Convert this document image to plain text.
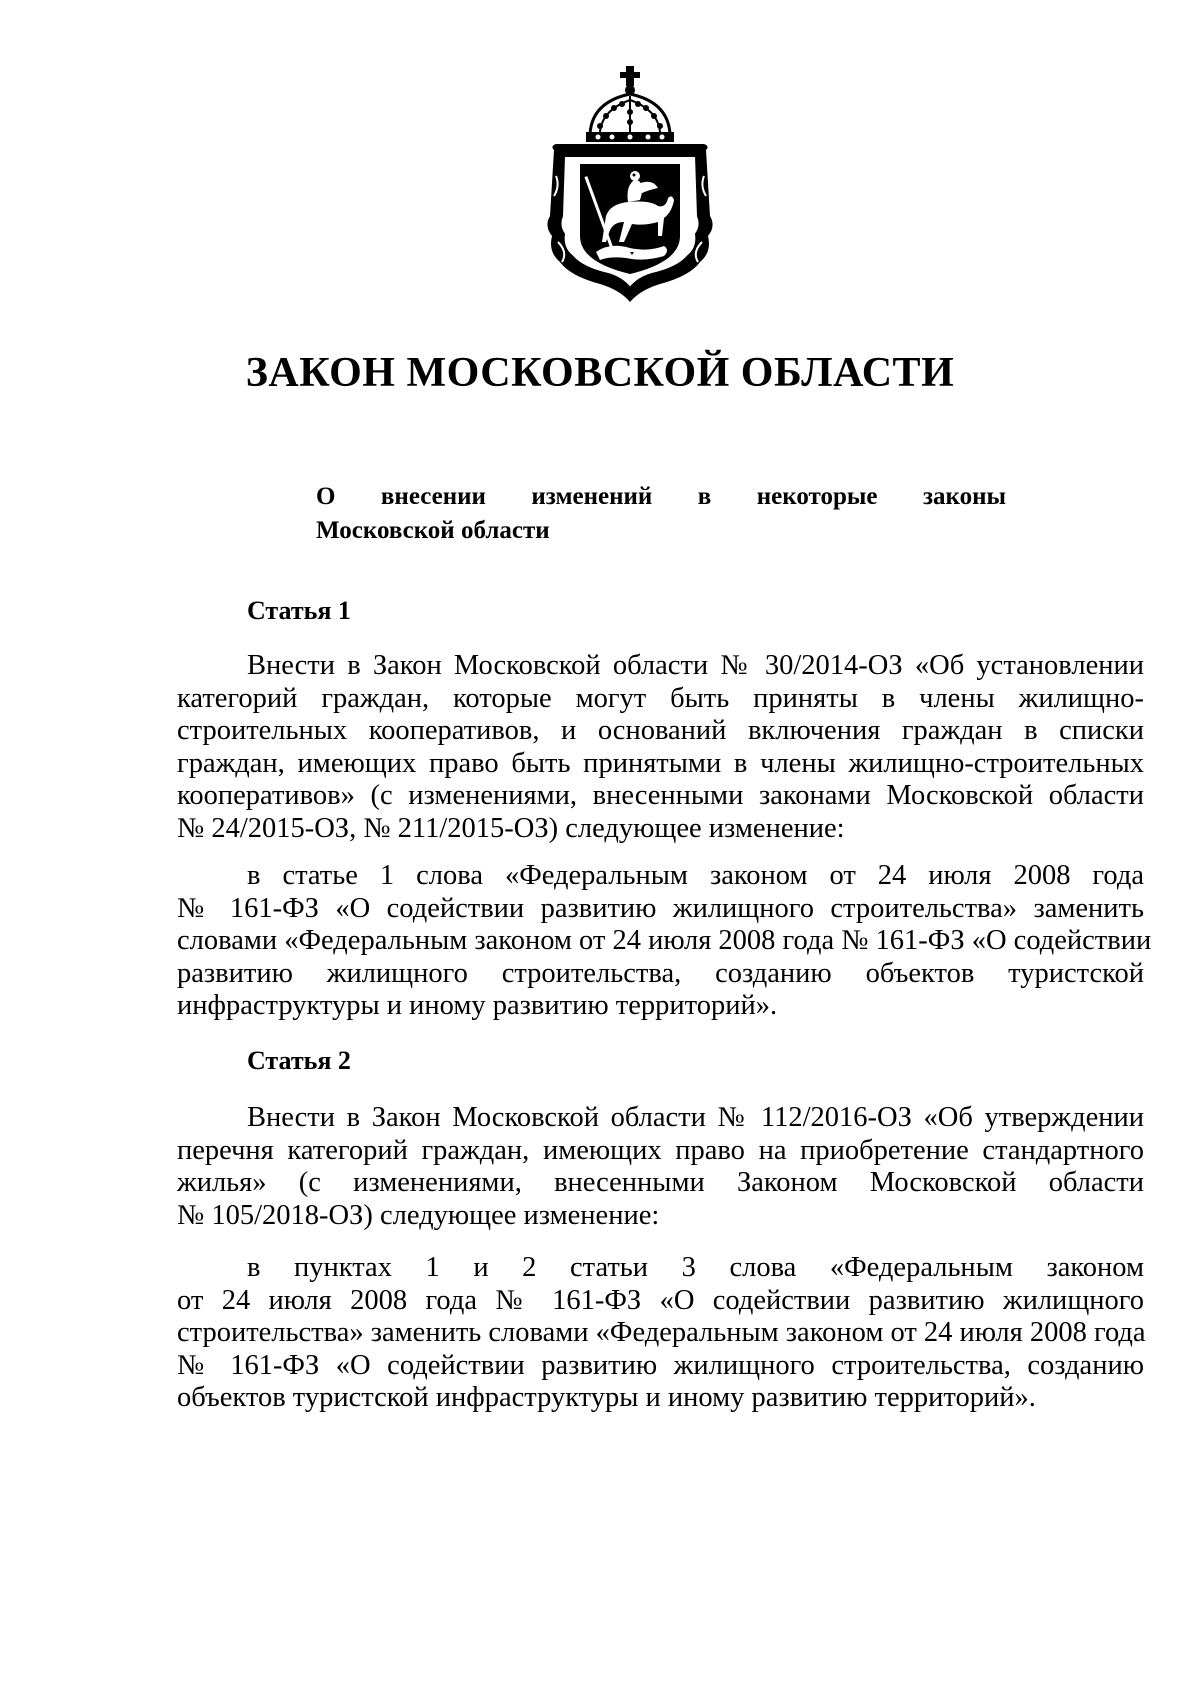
ЗАКОН МОСКОВСКОЙ ОБЛАСТИ
О внесении изменений в некоторые законы
Московской области
Статья 1
Внести в Закон Московской области № 30/2014-ОЗ «Об установлении
категорий граждан, которые могут быть приняты в члены жилищно-
строительных кооперативов, и оснований включения граждан в списки
граждан, имеющих право быть принятыми в члены жилищно-строительных
кооперативов» (с изменениями, внесенными законами Московской области
№ 24/2015-ОЗ, № 211/2015-ОЗ) следующее изменение:
в статье 1 слова «Федеральным законом от 24 июля 2008 года
№ 161-ФЗ «О содействии развитию жилищного строительства» заменить
словами «Федеральным законом от 24 июля 2008 года № 161-ФЗ «О содействии
развитию жилищного строительства, созданию объектов туристской
инфраструктуры и иному развитию территорий».
Статья 2
Внести в Закон Московской области № 112/2016-ОЗ «Об утверждении
перечня категорий граждан, имеющих право на приобретение стандартного
жилья» (с изменениями, внесенными Законом Московской области
№ 105/2018-ОЗ) следующее изменение:
в пунктах 1 и 2 статьи 3 слова «Федеральным законом
от 24 июля 2008 года № 161-ФЗ «О содействии развитию жилищного
строительства» заменить словами «Федеральным законом от 24 июля 2008 года
№ 161-ФЗ «О содействии развитию жилищного строительства, созданию
объектов туристской инфраструктуры и иному развитию территорий».
